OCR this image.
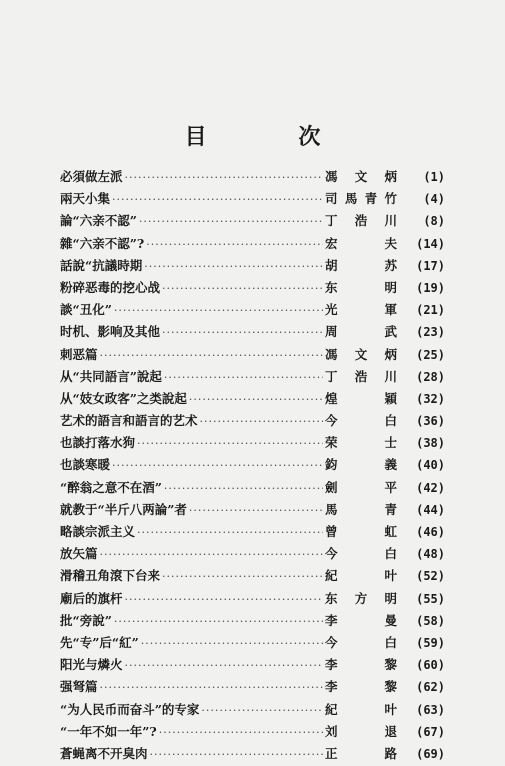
目 次
必須做左派 ·····	馮文炳	(1)
兩天小集 ·····	司馬青竹	(4)
論“六亲不認” ·····	丁浩川	(8)
雜“六亲不認”? ·····	宏 夫	(14)
話說“抗議時期 ·····	胡 苏	(17)
粉碎恶毒的挖心战 ·····	东 明	(19)
談“丑化” ·····	光 軍	(21)
时机、影响及其他 ·····	周 武	(23)
刺恶篇 ·····	馮文炳	(25)
从“共同語言”說起 ·····	丁浩川	(28)
从“妓女政客”之类說起 ·····	煌 穎	(32)
艺术的語言和語言的艺术 ·····	今 白	(36)
也談打落水狗 ·····	荣 士	(38)
也談寒暖 ·····	鈞 義	(40)
“醉翁之意不在酒” ·····	劍 平	(42)
就教于“半斤八两論”者 ·····	馬 青	(44)
略談宗派主义 ·····	曾 虹	(46)
放矢篇 ·····	今 白	(48)
滑稽丑角滾下台来 ·····	紀 叶	(52)
廟后的旗杆 ·····	东方明	(55)
批“旁說” ·····	李 曼	(58)
先“专”后“紅” ·····	今 白	(59)
阳光与燐火 ·····	李 黎	(60)
强弩篇 ·····	李 黎	(62)
“为人民币而奋斗”的专家 ·····	紀 叶	(63)
“一年不如一年”? ·····	刘 退	(67)
蒼蝇离不开臭肉 ·····	正 路	(69)
